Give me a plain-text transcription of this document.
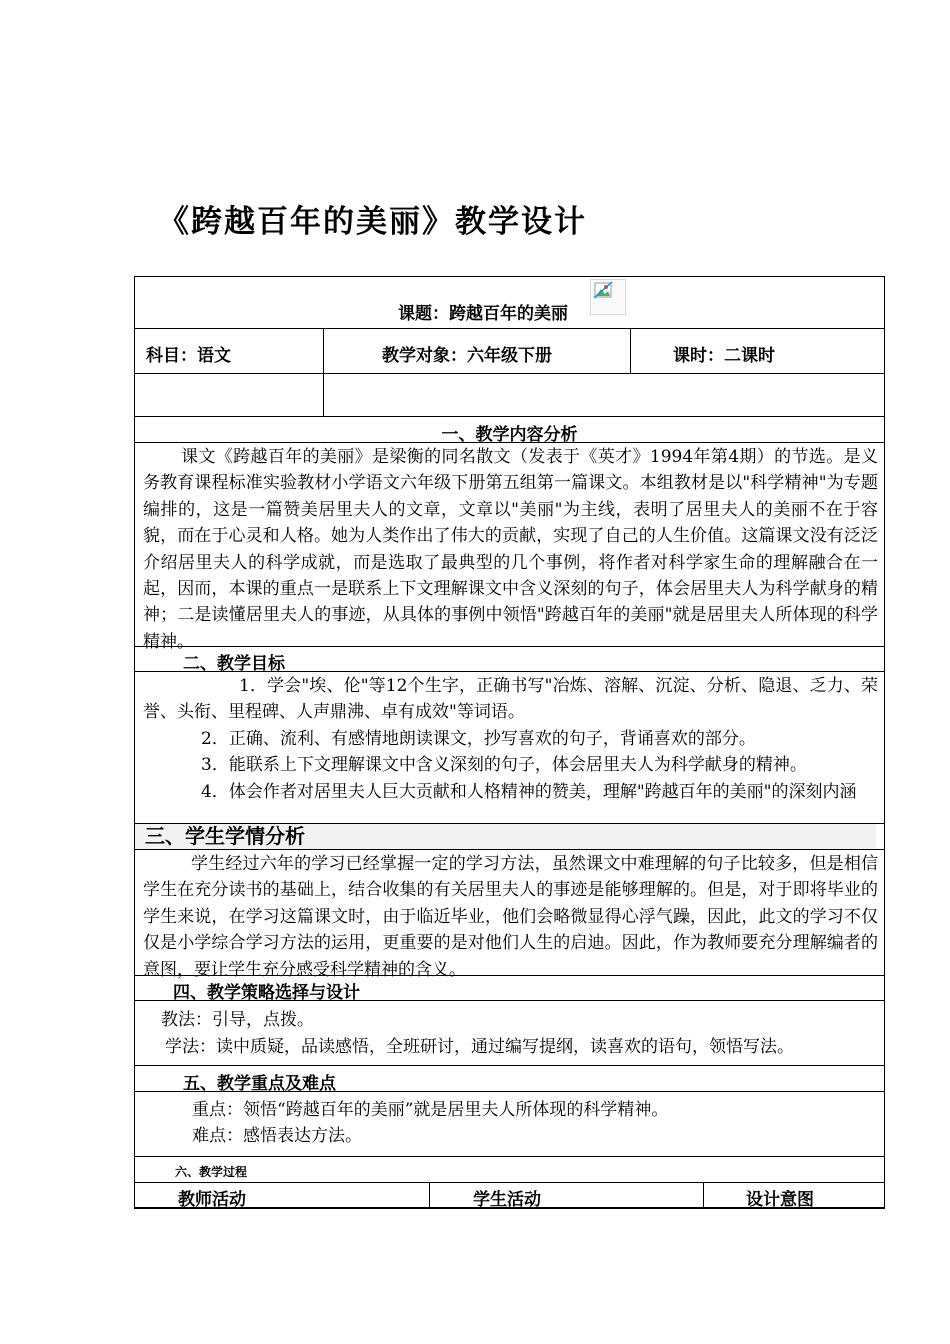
《跨越百年的美丽》教学设计
课题：跨越百年的美丽
科目：语文	教学对象：六年级下册	课时：二课时
一、教学内容分析

课文《跨越百年的美丽》是梁衡的同名散文（发表于《英才》1994年第4期）的节选。是义务教育课程标准实验教材小学语文六年级下册第五组第一篇课文。本组教材是以"科学精神"为专题编排的，这是一篇赞美居里夫人的文章，文章以"美丽"为主线，表明了居里夫人的美丽不在于容貌，而在于心灵和人格。她为人类作出了伟大的贡献，实现了自己的人生价值。这篇课文没有泛泛介绍居里夫人的科学成就，而是选取了最典型的几个事例，将作者对科学家生命的理解融合在一起，因而，本课的重点一是联系上下文理解课文中含义深刻的句子，体会居里夫人为科学献身的精神；二是读懂居里夫人的事迹，从具体的事例中领悟"跨越百年的美丽"就是居里夫人所体现的科学精神。

二、教学目标

1．学会"埃、伦"等12个生字，正确书写"冶炼、溶解、沉淀、分析、隐退、乏力、荣誉、头衔、里程碑、人声鼎沸、卓有成效"等词语。

2．正确、流利、有感情地朗读课文，抄写喜欢的句子，背诵喜欢的部分。

3．能联系上下文理解课文中含义深刻的句子，体会居里夫人为科学献身的精神。

4．体会作者对居里夫人巨大贡献和人格精神的赞美，理解"跨越百年的美丽"的深刻内涵

三、学生学情分析

学生经过六年的学习已经掌握一定的学习方法，虽然课文中难理解的句子比较多，但是相信学生在充分读书的基础上，结合收集的有关居里夫人的事迹是能够理解的。但是，对于即将毕业的学生来说，在学习这篇课文时，由于临近毕业，他们会略微显得心浮气躁，因此，此文的学习不仅仅是小学综合学习方法的运用，更重要的是对他们人生的启迪。因此，作为教师要充分理解编者的意图，要让学生充分感受科学精神的含义。

四、教学策略选择与设计
教法：引导，点拨。
学法：读中质疑，品读感悟，全班研讨，通过编写提纲，读喜欢的语句，领悟写法。
五、教学重点及难点
重点：领悟“跨越百年的美丽”就是居里夫人所体现的科学精神。
难点：感悟表达方法。
六、教学过程
教师活动	学生活动	设计意图
